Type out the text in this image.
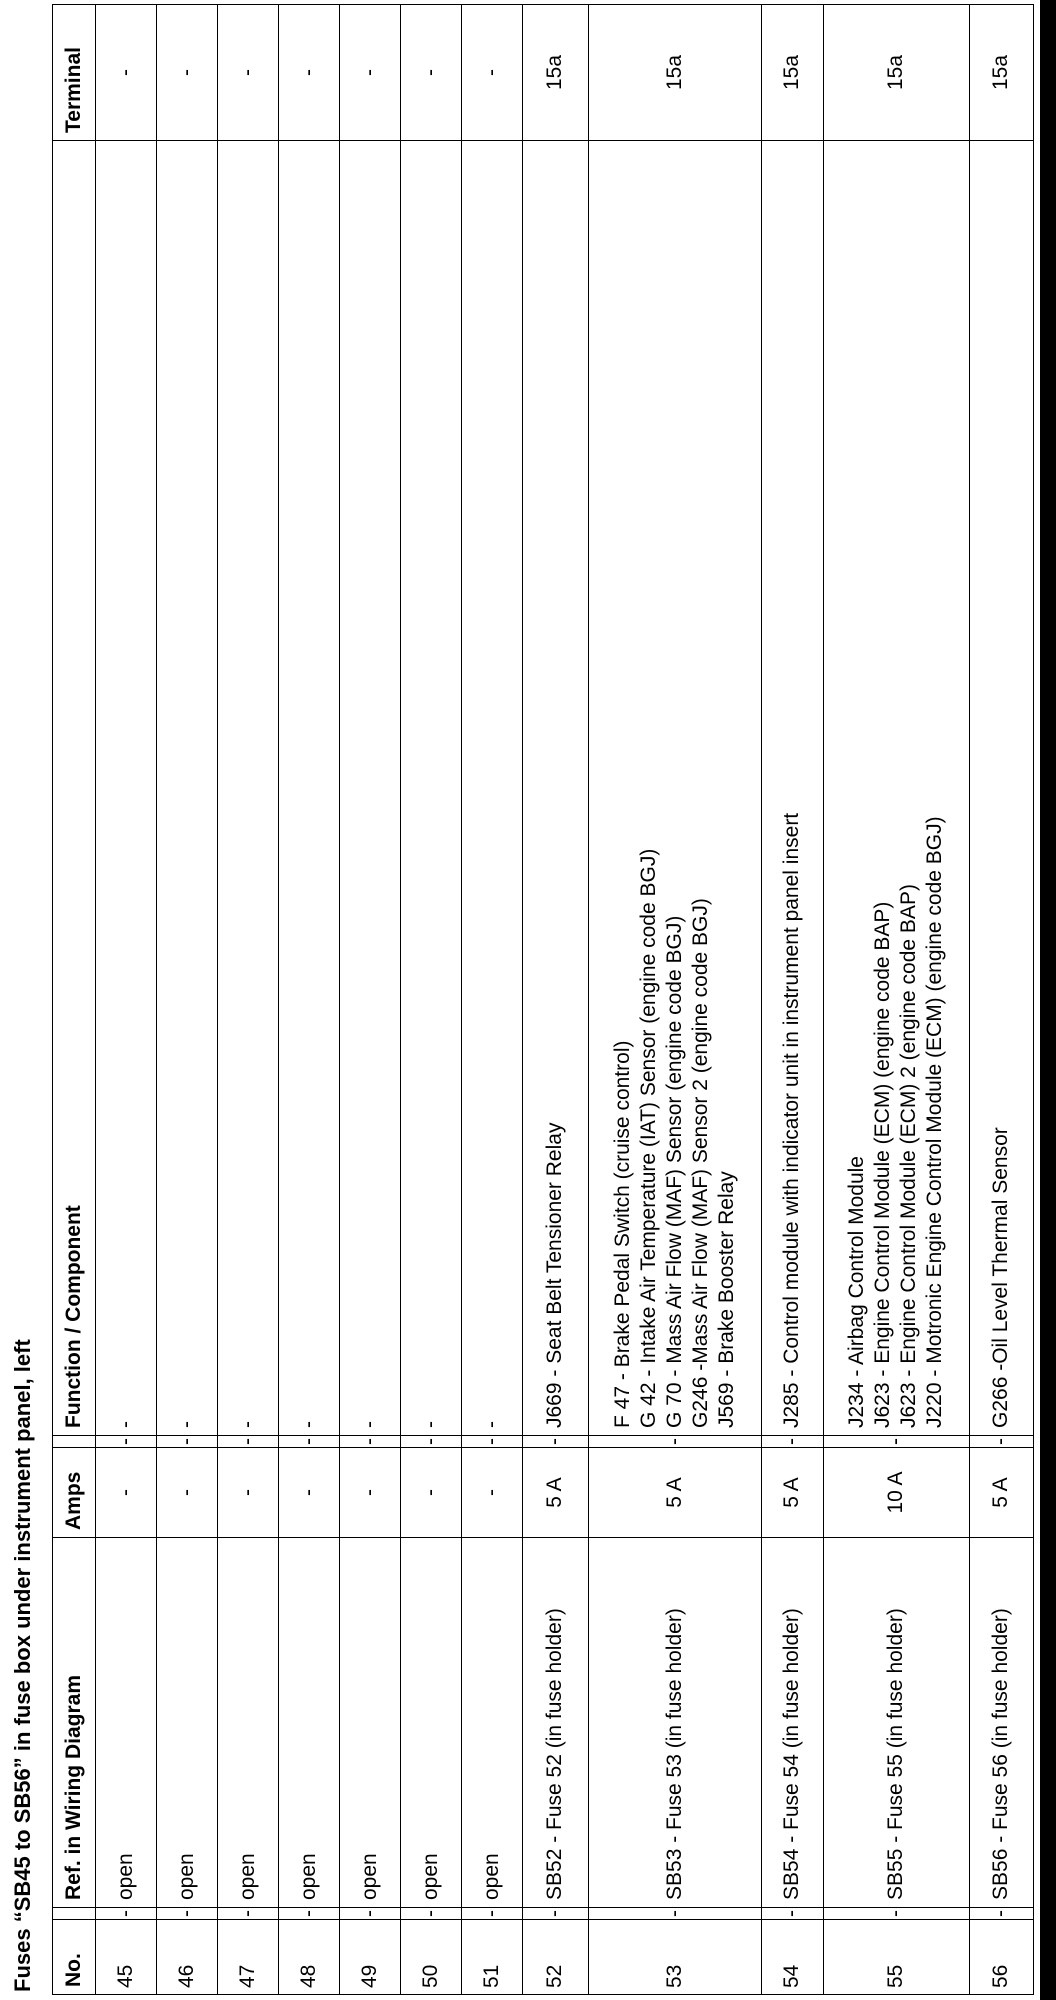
Fuses “SB45 to SB56” in fuse box under instrument panel, left No.		Ref. in Wiring Diagram	Amps		Function / Component	Terminal
45	-	open	-	-	-	-
46	-	open	-	-	-	-
47	-	open	-	-	-	-
48	-	open	-	-	-	-
49	-	open	-	-	-	-
50	-	open	-	-	-	-
51	-	open	-	-	-	-
52	-	SB52 - Fuse 52 (in fuse holder)	5 A	-	J669 - Seat Belt Tensioner Relay	15a
53	-	SB53 - Fuse 53 (in fuse holder)	5 A	-	F 47 - Brake Pedal Switch (cruise control) G 42 - Intake Air Temperature (IAT) Sensor (engine code BGJ) G 70 - Mass Air Flow (MAF) Sensor (engine code BGJ) G246 -Mass Air Flow (MAF) Sensor 2 (engine code BGJ) J569 - Brake Booster Relay	15a
54	-	SB54 - Fuse 54 (in fuse holder)	5 A	-	J285 - Control module with indicator unit in instrument panel insert	15a
55	-	SB55 - Fuse 55 (in fuse holder)	10 A	-	J234 - Airbag Control Module J623 - Engine Control Module (ECM) (engine code BAP) J623 - Engine Control Module (ECM) 2 (engine code BAP) J220 - Motronic Engine Control Module (ECM) (engine code BGJ)	15a
56	-	SB56 - Fuse 56 (in fuse holder)	5 A	-	G266 -Oil Level Thermal Sensor	15a
